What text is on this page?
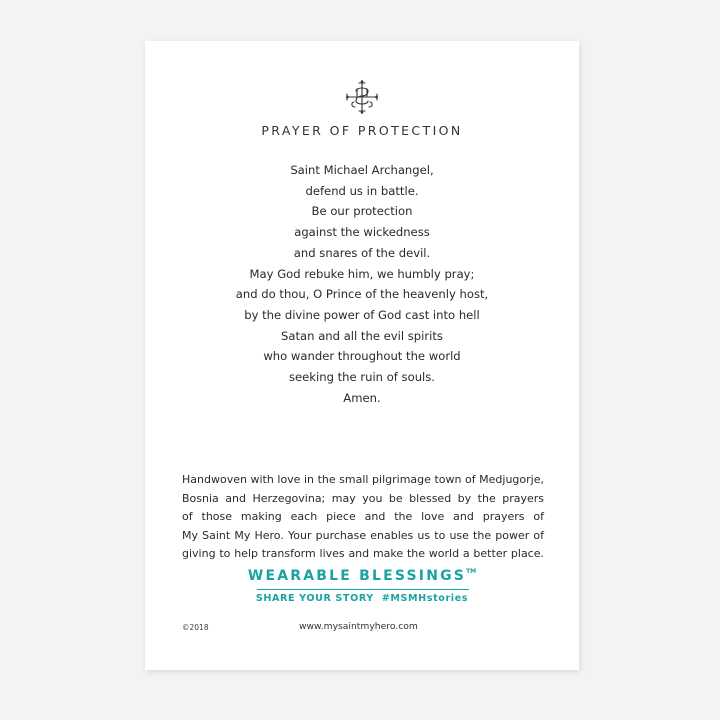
PRAYER OF PROTECTION
Saint Michael Archangel,
defend us in battle.
Be our protection
against the wickedness
and snares of the devil.
May God rebuke him, we humbly pray;
and do thou, O Prince of the heavenly host,
by the divine power of God cast into hell
Satan and all the evil spirits
who wander throughout the world
seeking the ruin of souls.
Amen.
Handwoven with love in the small pilgrimage town of Medjugorje,
Bosnia and Herzegovina; may you be blessed by the prayers
of those making each piece and the love and prayers of
My Saint My Hero. Your purchase enables us to use the power of
giving to help transform lives and make the world a better place.
WEARABLE BLESSINGS™
SHARE YOUR STORY  #MSMHstories
©2018	www.mysaintmyhero.com
